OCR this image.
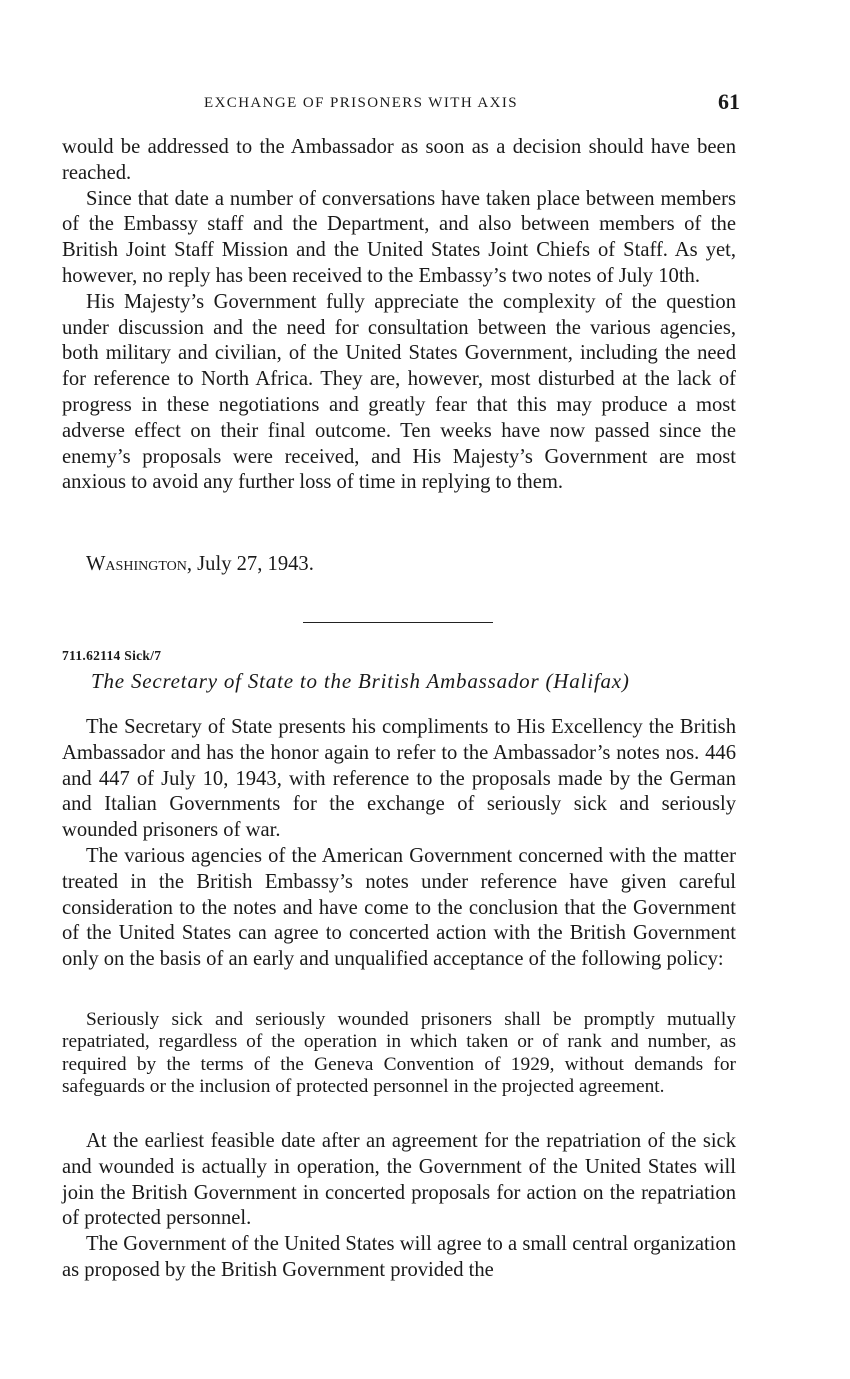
EXCHANGE OF PRISONERS WITH AXIS	61

would be addressed to the Ambassador as soon as a decision should have been reached.

Since that date a number of conversations have taken place between members of the Embassy staff and the Department, and also between members of the British Joint Staff Mission and the United States Joint Chiefs of Staff. As yet, however, no reply has been received to the Embassy’s two notes of July 10th.

His Majesty’s Government fully appreciate the complexity of the question under discussion and the need for consultation between the various agencies, both military and civilian, of the United States Government, including the need for reference to North Africa. They are, however, most disturbed at the lack of progress in these negotiations and greatly fear that this may produce a most adverse effect on their final outcome. Ten weeks have now passed since the enemy’s proposals were received, and His Majesty’s Government are most anxious to avoid any further loss of time in replying to them.

Washington, July 27, 1943.
711.62114 Sick/7
The Secretary of State to the British Ambassador (Halifax)

The Secretary of State presents his compliments to His Excellency the British Ambassador and has the honor again to refer to the Ambassador’s notes nos. 446 and 447 of July 10, 1943, with reference to the proposals made by the German and Italian Governments for the exchange of seriously sick and seriously wounded prisoners of war.

The various agencies of the American Government concerned with the matter treated in the British Embassy’s notes under reference have given careful consideration to the notes and have come to the conclusion that the Government of the United States can agree to concerted action with the British Government only on the basis of an early and unqualified acceptance of the following policy:

Seriously sick and seriously wounded prisoners shall be promptly mutually repatriated, regardless of the operation in which taken or of rank and number, as required by the terms of the Geneva Convention of 1929, without demands for safeguards or the inclusion of protected personnel in the projected agreement.

At the earliest feasible date after an agreement for the repatriation of the sick and wounded is actually in operation, the Government of the United States will join the British Government in concerted proposals for action on the repatriation of protected personnel.

The Government of the United States will agree to a small central organization as proposed by the British Government provided the
